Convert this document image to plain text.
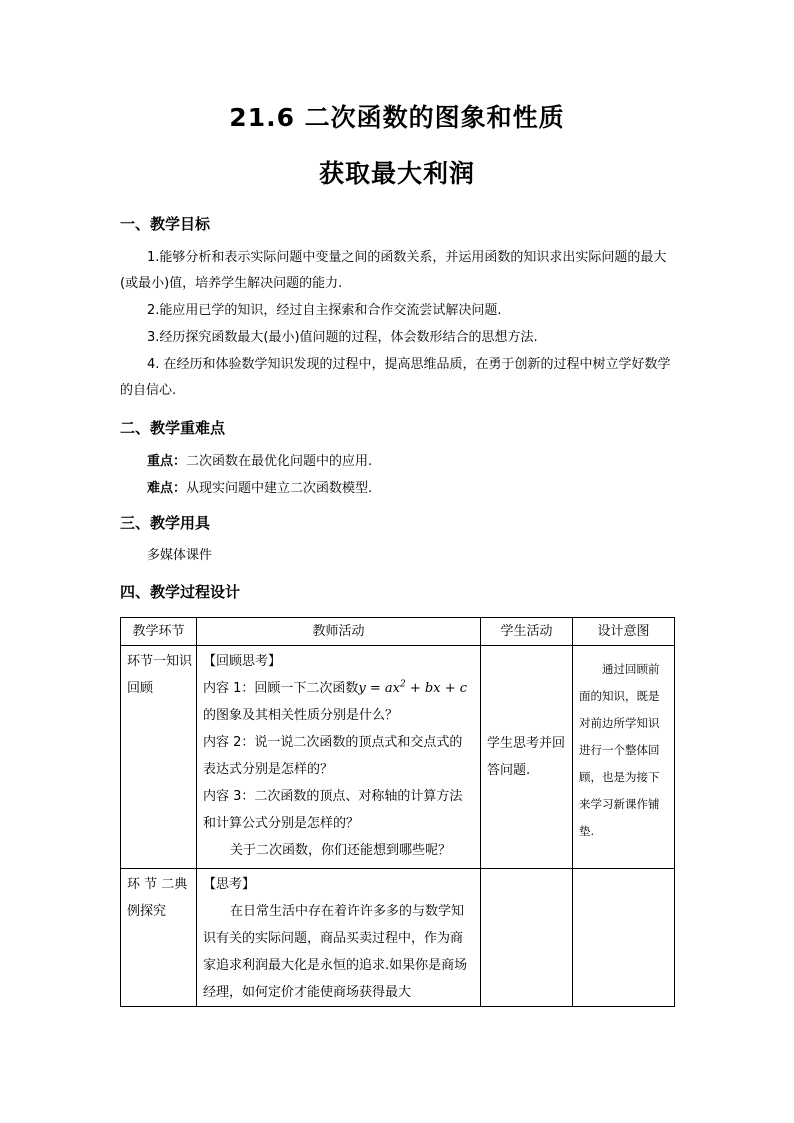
21.6 二次函数的图象和性质
获取最大利润
一、教学目标
1.能够分析和表示实际问题中变量之间的函数关系，并运用函数的知识求出实际问题的最大(或最小)值，培养学生解决问题的能力.
2.能应用已学的知识，经过自主探索和合作交流尝试解决问题.
3.经历探究函数最大(最小)值问题的过程，体会数形结合的思想方法.
4. 在经历和体验数学知识发现的过程中，提高思维品质，在勇于创新的过程中树立学好数学的自信心.
二、教学重难点
重点：二次函数在最优化问题中的应用.
难点：从现实问题中建立二次函数模型.
三、教学用具
多媒体课件
四、教学过程设计
教学环节	教师活动	学生活动	设计意图
环节一知识回顾	【回顾思考】
内容 1：回顾一下二次函数$y = ax^2$ + bx + c的图象及其相关性质分别是什么？
内容 2：说一说二次函数的顶点式和交点式的表达式分别是怎样的？
内容 3：二次函数的顶点、对称轴的计算方法和计算公式分别是怎样的？
关于二次函数，你们还能想到哪些呢？	学生思考并回答问题.	通过回顾前面的知识，既是对前边所学知识进行一个整体回顾，也是为接下来学习新课作铺垫.

环 节 二典例探究	【思考】
在日常生活中存在着许许多多的与数学知识有关的实际问题，商品买卖过程中，作为商家追求利润最大化是永恒的追求.如果你是商场经理，如何定价才能使商场获得最大		
